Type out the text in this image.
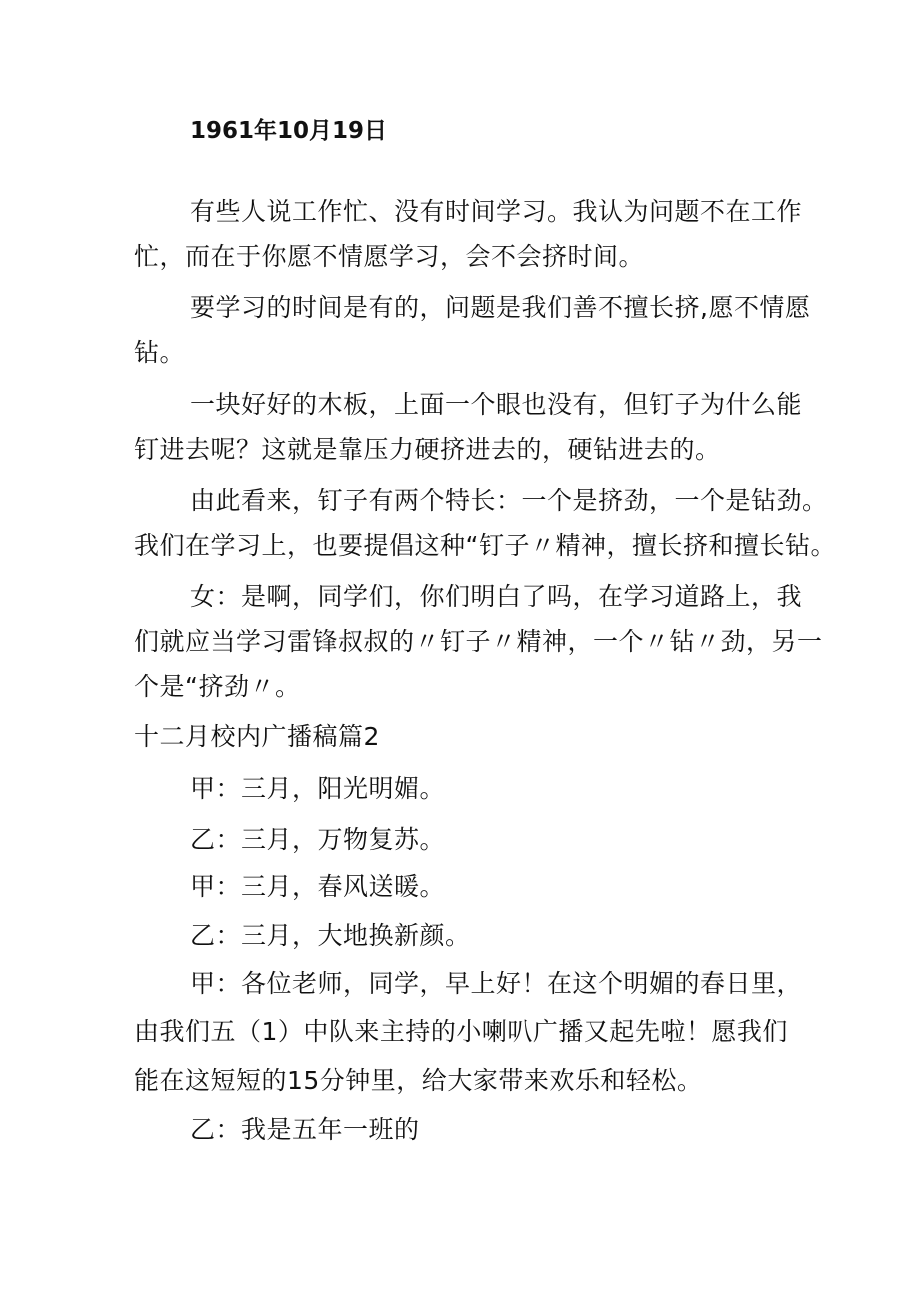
1961年10月19日
有些人说工作忙、没有时间学习。我认为问题不在工作
忙，而在于你愿不情愿学习，会不会挤时间。
要学习的时间是有的，问题是我们善不擅长挤,愿不情愿
钻。
一块好好的木板，上面一个眼也没有，但钉子为什么能
钉进去呢？这就是靠压力硬挤进去的，硬钻进去的。
由此看来，钉子有两个特长：一个是挤劲，一个是钻劲。
我们在学习上，也要提倡这种“钉子〃精神，擅长挤和擅长钻。
女：是啊，同学们，你们明白了吗，在学习道路上，我
们就应当学习雷锋叔叔的〃钉子〃精神，一个〃钻〃劲，另一
个是“挤劲〃。
十二月校内广播稿篇2
甲：三月，阳光明媚。
乙：三月，万物复苏。
甲：三月，春风送暖。
乙：三月，大地换新颜。
甲：各位老师，同学，早上好！在这个明媚的春日里，
由我们五（1）中队来主持的小喇叭广播又起先啦！愿我们
能在这短短的15分钟里，给大家带来欢乐和轻松。
乙：我是五年一班的
